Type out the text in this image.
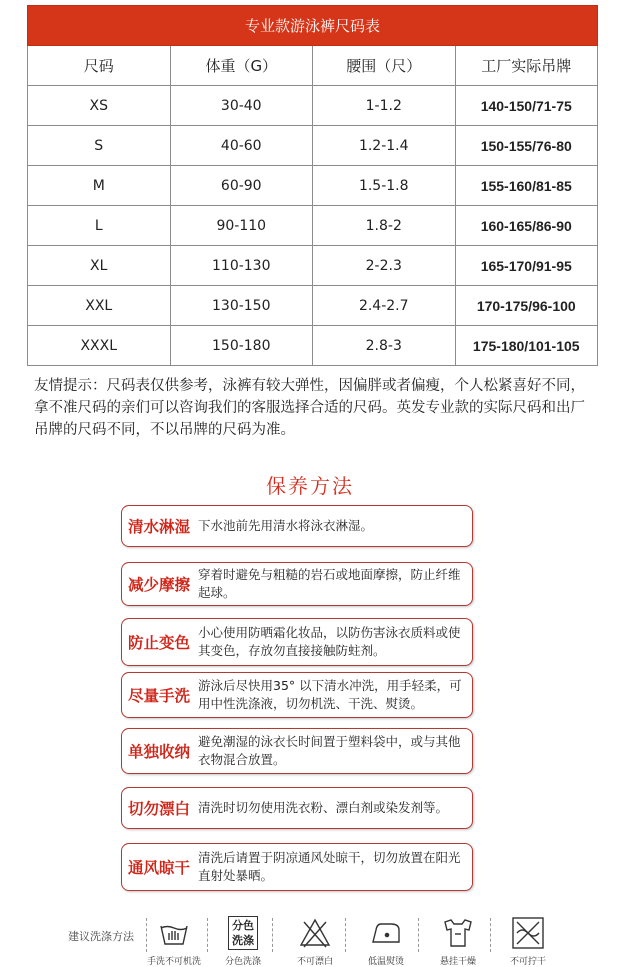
专业款游泳裤尺码表			
尺码	体重（G）	腰围（尺）	工厂实际吊牌
XS	30-40	1-1.2	140-150/71-75
S	40-60	1.2-1.4	150-155/76-80
M	60-90	1.5-1.8	155-160/81-85
L	90-110	1.8-2	160-165/86-90
XL	110-130	2-2.3	165-170/91-95
XXL	130-150	2.4-2.7	170-175/96-100
XXXL	150-180	2.8-3	175-180/101-105

友情提示：尺码表仅供参考，泳裤有较大弹性，因偏胖或者偏瘦，个人松紧喜好不同，拿不准尺码的亲们可以咨询我们的客服选择合适的尺码。英发专业款的实际尺码和出厂吊牌的尺码不同，不以吊牌的尺码为准。

保养方法
清水淋湿 下水池前先用清水将泳衣淋湿。
减少摩擦
穿着时避免与粗糙的岩石或地面摩擦，防止纤维起球。
防止变色
小心使用防晒霜化妆品，以防伤害泳衣质料或使其变色，存放勿直接接触防蛀剂。
尽量手洗
游泳后尽快用35° 以下清水冲洗，用手轻柔，可用中性洗涤液，切勿机洗、干洗、熨烫。
单独收纳
避免潮湿的泳衣长时间置于塑料袋中，或与其他衣物混合放置。
切勿漂白 清洗时切勿使用洗衣粉、漂白剂或染发剂等。
通风晾干
清洗后请置于阴凉通风处晾干，切勿放置在阳光直射处暴晒。
建议洗涤方法
手洗不可机洗
分色洗涤
分色洗涤	不可漂白	低温熨烫	悬挂干燥	不可拧干
